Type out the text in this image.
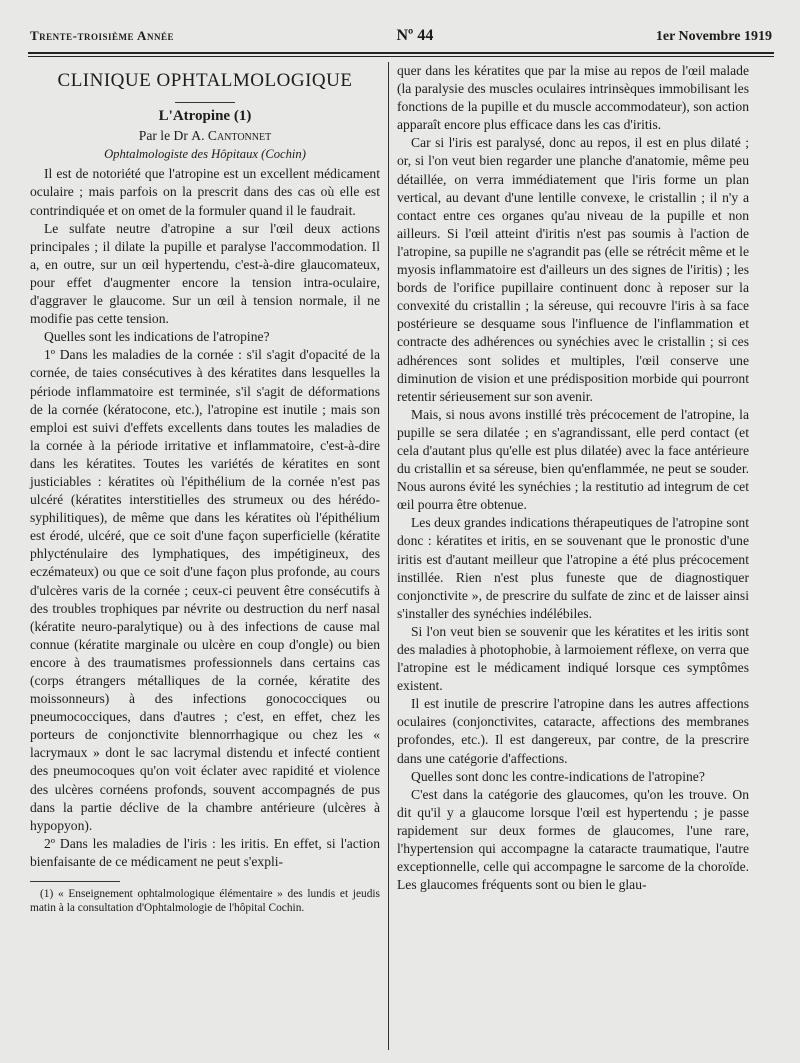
Trente-troisième Année	Nº 44	1er Novembre 1919
CLINIQUE OPHTALMOLOGIQUE
L'Atropine (1)
Par le Dr A. Cantonnet
Ophtalmologiste des Hôpitaux (Cochin)

Il est de notoriété que l'atropine est un excellent médicament oculaire ; mais parfois on la prescrit dans des cas où elle est contrindiquée et on omet de la formuler quand il le faudrait.

Le sulfate neutre d'atropine a sur l'œil deux actions principales ; il dilate la pupille et paralyse l'accommodation. Il a, en outre, sur un œil hypertendu, c'est-à-dire glaucomateux, pour effet d'augmenter encore la tension intra-oculaire, d'aggraver le glaucome. Sur un œil à tension normale, il ne modifie pas cette tension.

Quelles sont les indications de l'atropine?

1º Dans les maladies de la cornée : s'il s'agit d'opacité de la cornée, de taies consécutives à des kératites dans lesquelles la période inflammatoire est terminée, s'il s'agit de déformations de la cornée (kératocone, etc.), l'atropine est inutile ; mais son emploi est suivi d'effets excellents dans toutes les maladies de la cornée à la période irritative et inflammatoire, c'est-à-dire dans les kératites. Toutes les variétés de kératites en sont justiciables : kératites où l'épithélium de la cornée n'est pas ulcéré (kératites interstitielles des strumeux ou des hérédo-syphilitiques), de même que dans les kératites où l'épithélium est érodé, ulcéré, que ce soit d'une façon superficielle (kératite phlycténulaire des lymphatiques, des impétigineux, des eczémateux) ou que ce soit d'une façon plus profonde, au cours d'ulcères varis de la cornée ; ceux-ci peuvent être consécutifs à des troubles trophiques par névrite ou destruction du nerf nasal (kératite neuro-paralytique) ou à des infections de cause mal connue (kératite marginale ou ulcère en coup d'ongle) ou bien encore à des traumatismes professionnels dans certains cas (corps étrangers métalliques de la cornée, kératite des moissonneurs) à des infections gonococciques ou pneumococciques, dans d'autres ; c'est, en effet, chez les porteurs de conjonctivite blennorrhagique ou chez les « lacrymaux » dont le sac lacrymal distendu et infecté contient des pneumocoques qu'on voit éclater avec rapidité et violence des ulcères cornéens profonds, souvent accompagnés de pus dans la partie déclive de la chambre antérieure (ulcères à hypopyon).

2º Dans les maladies de l'iris : les iritis. En effet, si l'action bienfaisante de ce médicament ne peut s'expli-

(1) « Enseignement ophtalmologique élémentaire » des lundis et jeudis matin à la consultation d'Ophtalmologie de l'hôpital Cochin.

quer dans les kératites que par la mise au repos de l'œil malade (la paralysie des muscles oculaires intrinsèques immobilisant les fonctions de la pupille et du muscle accommodateur), son action apparaît encore plus efficace dans les cas d'iritis.

Car si l'iris est paralysé, donc au repos, il est en plus dilaté ; or, si l'on veut bien regarder une planche d'anatomie, même peu détaillée, on verra immédiatement que l'iris forme un plan vertical, au devant d'une lentille convexe, le cristallin ; il n'y a contact entre ces organes qu'au niveau de la pupille et non ailleurs. Si l'œil atteint d'iritis n'est pas soumis à l'action de l'atropine, sa pupille ne s'agrandit pas (elle se rétrécit même et le myosis inflammatoire est d'ailleurs un des signes de l'iritis) ; les bords de l'orifice pupillaire continuent donc à reposer sur la convexité du cristallin ; la séreuse, qui recouvre l'iris à sa face postérieure se desquame sous l'influence de l'inflammation et contracte des adhérences ou synéchies avec le cristallin ; si ces adhérences sont solides et multiples, l'œil conserve une diminution de vision et une prédisposition morbide qui pourront retentir sérieusement sur son avenir.

Mais, si nous avons instillé très précocement de l'atropine, la pupille se sera dilatée ; en s'agrandissant, elle perd contact (et cela d'autant plus qu'elle est plus dilatée) avec la face antérieure du cristallin et sa séreuse, bien qu'enflammée, ne peut se souder. Nous aurons évité les synéchies ; la restitutio ad integrum de cet œil pourra être obtenue.

Les deux grandes indications thérapeutiques de l'atropine sont donc : kératites et iritis, en se souvenant que le pronostic d'une iritis est d'autant meilleur que l'atropine a été plus précocement instillée. Rien n'est plus funeste que de diagnostiquer conjonctivite », de prescrire du sulfate de zinc et de laisser ainsi s'installer des synéchies indélébiles.

Si l'on veut bien se souvenir que les kératites et les iritis sont des maladies à photophobie, à larmoiement réflexe, on verra que l'atropine est le médicament indiqué lorsque ces symptômes existent.

Il est inutile de prescrire l'atropine dans les autres affections oculaires (conjonctivites, cataracte, affections des membranes profondes, etc.). Il est dangereux, par contre, de la prescrire dans une catégorie d'affections.

Quelles sont donc les contre-indications de l'atropine?

C'est dans la catégorie des glaucomes, qu'on les trouve. On dit qu'il y a glaucome lorsque l'œil est hypertendu ; je passe rapidement sur deux formes de glaucomes, l'une rare, l'hypertension qui accompagne la cataracte traumatique, l'autre exceptionnelle, celle qui accompagne le sarcome de la choroïde. Les glaucomes fréquents sont ou bien le glau-
